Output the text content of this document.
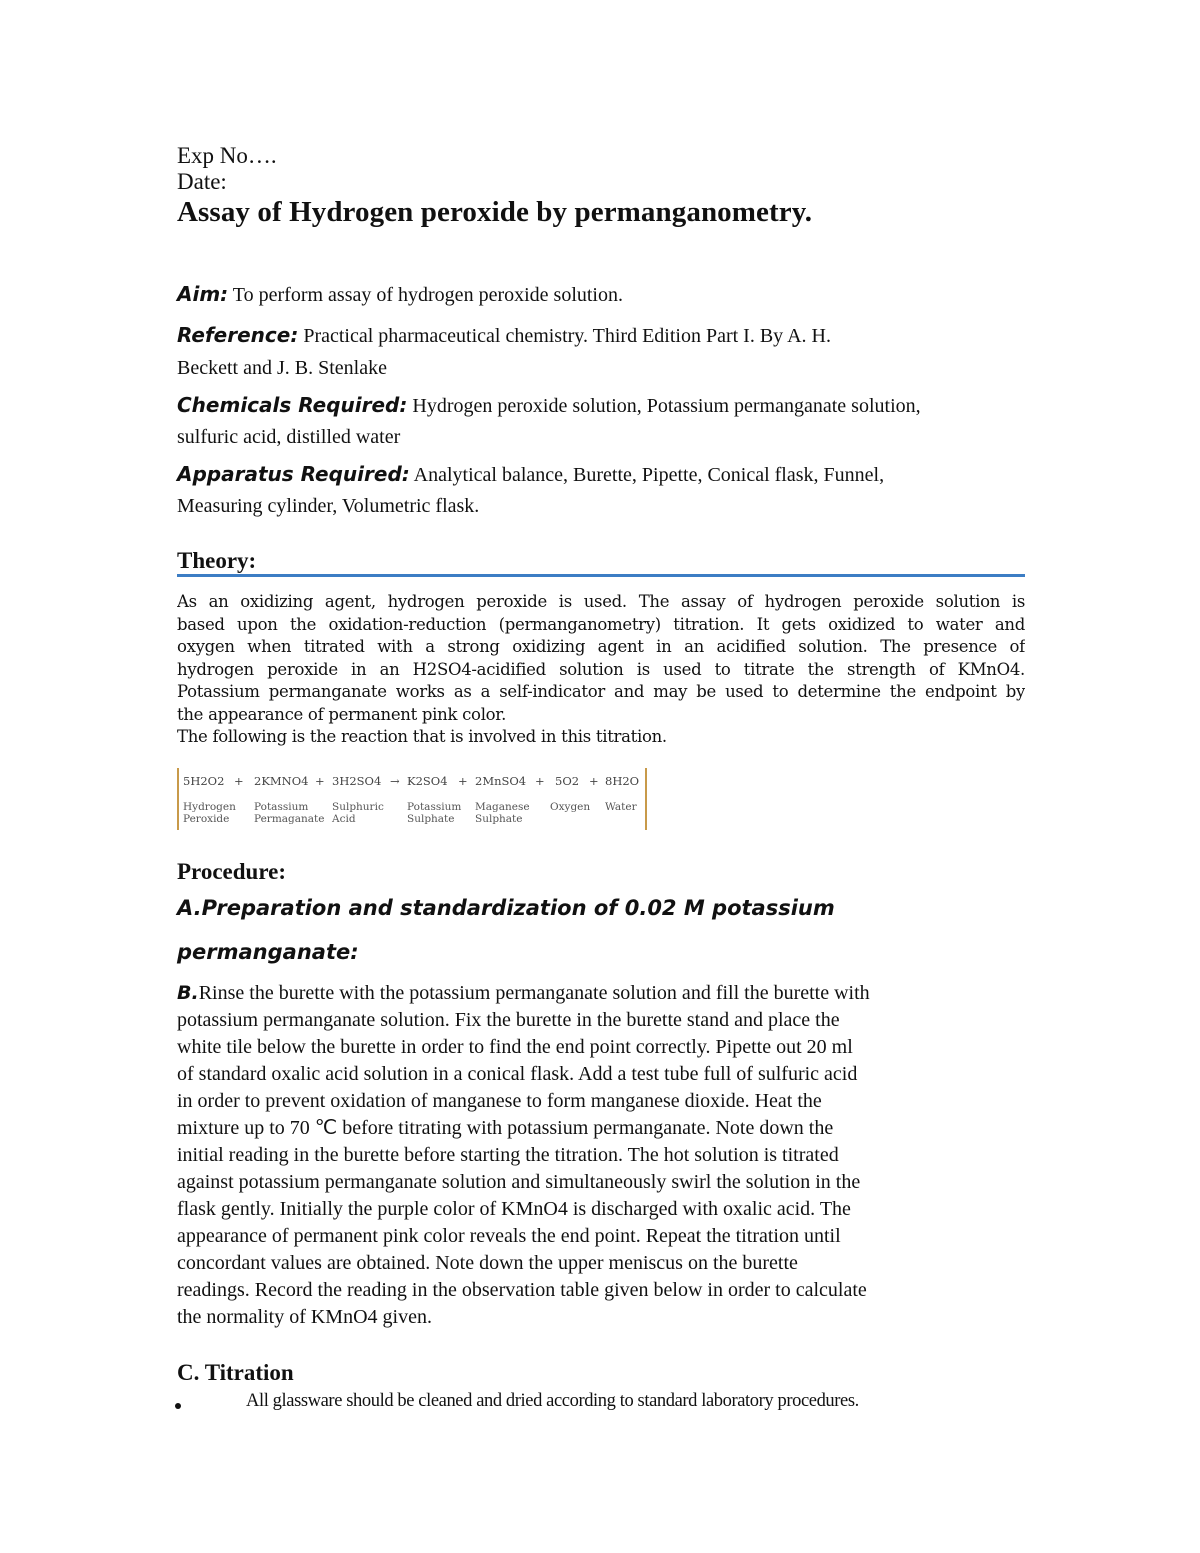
Exp No….
Date:
Assay of Hydrogen peroxide by permanganometry.
Aim: To perform assay of hydrogen peroxide solution.
Reference: Practical pharmaceutical chemistry. Third Edition Part I. By A. H.
Beckett and J. B. Stenlake
Chemicals Required: Hydrogen peroxide solution, Potassium permanganate solution,
sulfuric acid, distilled water
Apparatus Required: Analytical balance, Burette, Pipette, Conical flask, Funnel,
Measuring cylinder, Volumetric flask.
Theory:
As an oxidizing agent, hydrogen peroxide is used. The assay of hydrogen peroxide solution is
based upon the oxidation-reduction (permanganometry) titration. It gets oxidized to water and
oxygen when titrated with a strong oxidizing agent in an acidified solution. The presence of
hydrogen peroxide in an H2SO4-acidified solution is used to titrate the strength of KMnO4.
Potassium permanganate works as a self-indicator and may be used to determine the endpoint by
the appearance of permanent pink color.
The following is the reaction that is involved in this titration.
5H2O2 + 2KMNO4 + 3H2SO4 → K2SO4 + 2MnSO4 + 5O2 + 8H2O
Hydrogen
Peroxide
Potassium
Permaganate
Sulphuric
Acid
Potassium
Sulphate
Maganese
Sulphate
Oxygen Water
Procedure:
A.Preparation and standardization of 0.02 M potassium
permanganate:
B.Rinse the burette with the potassium permanganate solution and fill the burette with
potassium permanganate solution. Fix the burette in the burette stand and place the
white tile below the burette in order to find the end point correctly. Pipette out 20 ml
of standard oxalic acid solution in a conical flask. Add a test tube full of sulfuric acid
in order to prevent oxidation of manganese to form manganese dioxide. Heat the
mixture up to 70 ℃ before titrating with potassium permanganate. Note down the
initial reading in the burette before starting the titration. The hot solution is titrated
against potassium permanganate solution and simultaneously swirl the solution in the
flask gently. Initially the purple color of KMnO4 is discharged with oxalic acid. The
appearance of permanent pink color reveals the end point. Repeat the titration until
concordant values are obtained. Note down the upper meniscus on the burette
readings. Record the reading in the observation table given below in order to calculate
the normality of KMnO4 given.
C. Titration
All glassware should be cleaned and dried according to standard laboratory procedures.
